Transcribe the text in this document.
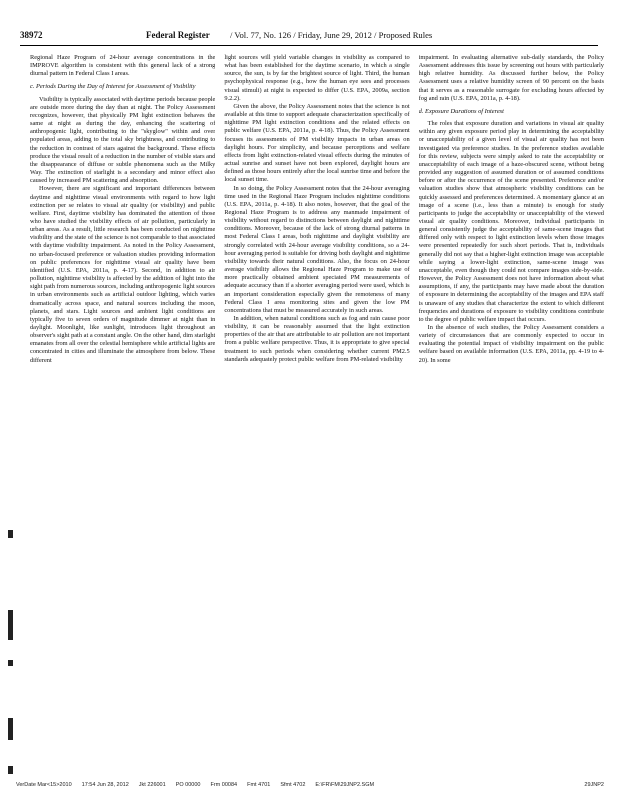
38972	Federal Register / Vol. 77, No. 126 / Friday, June 29, 2012 / Proposed Rules

Regional Haze Program of 24-hour average concentrations in the IMPROVE algorithm is consistent with this general lack of a strong diurnal pattern in Federal Class I areas.

c. Periods During the Day of Interest for Assessment of Visibility

Visibility is typically associated with daytime periods because people are outside more during the day than at night. The Policy Assessment recognizes, however, that physically PM light extinction behaves the same at night as during the day, enhancing the scattering of anthropogenic light, contributing to the "skyglow" within and over populated areas, adding to the total sky brightness, and contributing to the reduction in contrast of stars against the background. These effects produce the visual result of a reduction in the number of visible stars and the disappearance of diffuse or subtle phenomena such as the Milky Way. The extinction of starlight is a secondary and minor effect also caused by increased PM scattering and absorption.

However, there are significant and important differences between daytime and nighttime visual environments with regard to how light extinction per se relates to visual air quality (or visibility) and public welfare. First, daytime visibility has dominated the attention of those who have studied the visibility effects of air pollution, particularly in urban areas. As a result, little research has been conducted on nighttime visibility and the state of the science is not comparable to that associated with daytime visibility impairment. As noted in the Policy Assessment, no urban-focused preference or valuation studies providing information on public preferences for nighttime visual air quality have been identified (U.S. EPA, 2011a, p. 4-17). Second, in addition to air pollution, nighttime visibility is affected by the addition of light into the sight path from numerous sources, including anthropogenic light sources in urban environments such as artificial outdoor lighting, which varies dramatically across space, and natural sources including the moon, planets, and stars. Light sources and ambient light conditions are typically five to seven orders of magnitude dimmer at night than in daylight. Moonlight, like sunlight, introduces light throughout an observer's sight path at a constant angle. On the other hand, dim starlight emanates from all over the celestial hemisphere while artificial lights are concentrated in cities and illuminate the atmosphere from below. These different

light sources will yield variable changes in visibility as compared to what has been established for the daytime scenario, in which a single source, the sun, is by far the brightest source of light. Third, the human psychophysical response (e.g., how the human eye sees and processes visual stimuli) at night is expected to differ (U.S. EPA, 2009a, section 9.2.2).

Given the above, the Policy Assessment notes that the science is not available at this time to support adequate characterization specifically of nighttime PM light extinction conditions and the related effects on public welfare (U.S. EPA, 2011a, p. 4-18). Thus, the Policy Assessment focuses its assessments of PM visibility impacts in urban areas on daylight hours. For simplicity, and because perceptions and welfare effects from light extinction-related visual effects during the minutes of actual sunrise and sunset have not been explored, daylight hours are defined as those hours entirely after the local sunrise time and before the local sunset time.

In so doing, the Policy Assessment notes that the 24-hour averaging time used in the Regional Haze Program includes nighttime conditions (U.S. EPA, 2011a, p. 4-18). It also notes, however, that the goal of the Regional Haze Program is to address any manmade impairment of visibility without regard to distinctions between daylight and nighttime conditions. Moreover, because of the lack of strong diurnal patterns in most Federal Class I areas, both nighttime and daylight visibility are strongly correlated with 24-hour average visibility conditions, so a 24-hour averaging period is suitable for driving both daylight and nighttime visibility towards their natural conditions. Also, the focus on 24-hour average visibility allows the Regional Haze Program to make use of more practically obtained ambient speciated PM measurements of adequate accuracy than if a shorter averaging period were used, which is an important consideration especially given the remoteness of many Federal Class I area monitoring sites and given the low PM concentrations that must be measured accurately in such areas.

In addition, when natural conditions such as fog and rain cause poor visibility, it can be reasonably assumed that the light extinction properties of the air that are attributable to air pollution are not important from a public welfare perspective. Thus, it is appropriate to give special treatment to such periods when considering whether current PM2.5 standards adequately protect public welfare from PM-related visibility

impairment. In evaluating alternative sub-daily standards, the Policy Assessment addresses this issue by screening out hours with particularly high relative humidity. As discussed further below, the Policy Assessment uses a relative humidity screen of 90 percent on the basis that it serves as a reasonable surrogate for excluding hours affected by fog and rain (U.S. EPA, 2011a, p. 4-18).

d. Exposure Durations of Interest

The roles that exposure duration and variations in visual air quality within any given exposure period play in determining the acceptability or unacceptability of a given level of visual air quality has not been investigated via preference studies. In the preference studies available for this review, subjects were simply asked to rate the acceptability or unacceptability of each image of a haze-obscured scene, without being provided any suggestion of assumed duration or of assumed conditions before or after the occurrence of the scene presented. Preference and/or valuation studies show that atmospheric visibility conditions can be quickly assessed and preferences determined. A momentary glance at an image of a scene (i.e., less than a minute) is enough for study participants to judge the acceptability or unacceptability of the viewed visual air quality conditions. Moreover, individual participants in general consistently judge the acceptability of same-scene images that differed only with respect to light extinction levels when those images were presented repeatedly for such short periods. That is, individuals generally did not say that a higher-light extinction image was acceptable while saying a lower-light extinction, same-scene image was unacceptable, even though they could not compare images side-by-side. However, the Policy Assessment does not have information about what assumptions, if any, the participants may have made about the duration of exposure in determining the acceptability of the images and EPA staff is unaware of any studies that characterize the extent to which different frequencies and durations of exposure to visibility conditions contribute to the degree of public welfare impact that occurs.

In the absence of such studies, the Policy Assessment considers a variety of circumstances that are commonly expected to occur in evaluating the potential impact of visibility impairment on the public welfare based on available information (U.S. EPA, 2011a, pp. 4-19 to 4-20). In some

VerDate Mar<15>2010 17:54 Jun 28, 2012 Jkt 226001 PO 00000 Frm 00084 Fmt 4701 Sfmt 4702 E:\FR\FM\29JNP2.SGM	29JNP2
